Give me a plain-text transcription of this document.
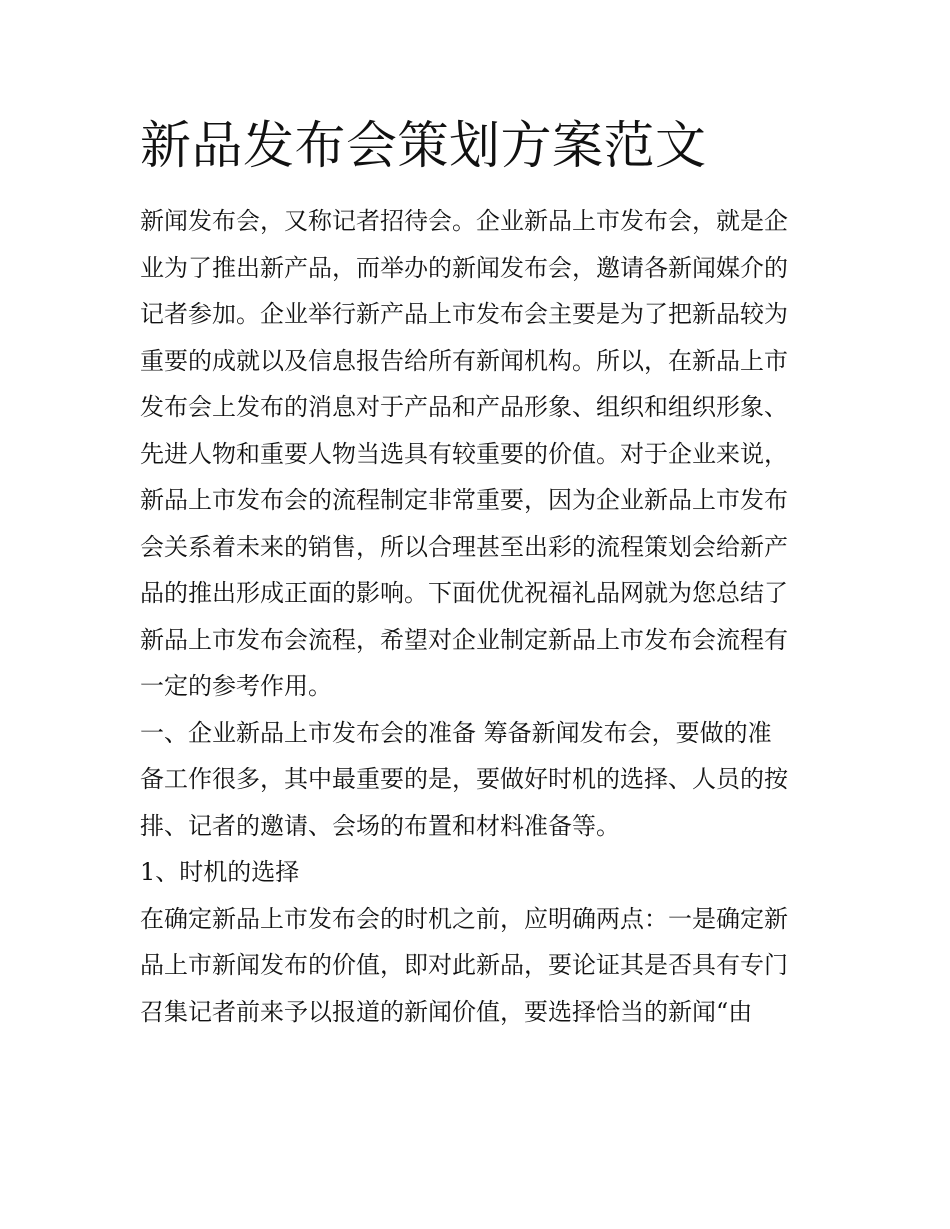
新品发布会策划方案范文
新闻发布会，又称记者招待会。企业新品上市发布会，就是企
业为了推出新产品，而举办的新闻发布会，邀请各新闻媒介的
记者参加。企业举行新产品上市发布会主要是为了把新品较为
重要的成就以及信息报告给所有新闻机构。所以，在新品上市
发布会上发布的消息对于产品和产品形象、组织和组织形象、
先进人物和重要人物当选具有较重要的价值。对于企业来说，
新品上市发布会的流程制定非常重要，因为企业新品上市发布
会关系着未来的销售，所以合理甚至出彩的流程策划会给新产
品的推出形成正面的影响。下面优优祝福礼品网就为您总结了
新品上市发布会流程，希望对企业制定新品上市发布会流程有
一定的参考作用。
一、企业新品上市发布会的准备 筹备新闻发布会，要做的准
备工作很多，其中最重要的是，要做好时机的选择、人员的按
排、记者的邀请、会场的布置和材料准备等。
1、时机的选择
在确定新品上市发布会的时机之前，应明确两点：一是确定新
品上市新闻发布的价值，即对此新品，要论证其是否具有专门
召集记者前来予以报道的新闻价值，要选择恰当的新闻“由
